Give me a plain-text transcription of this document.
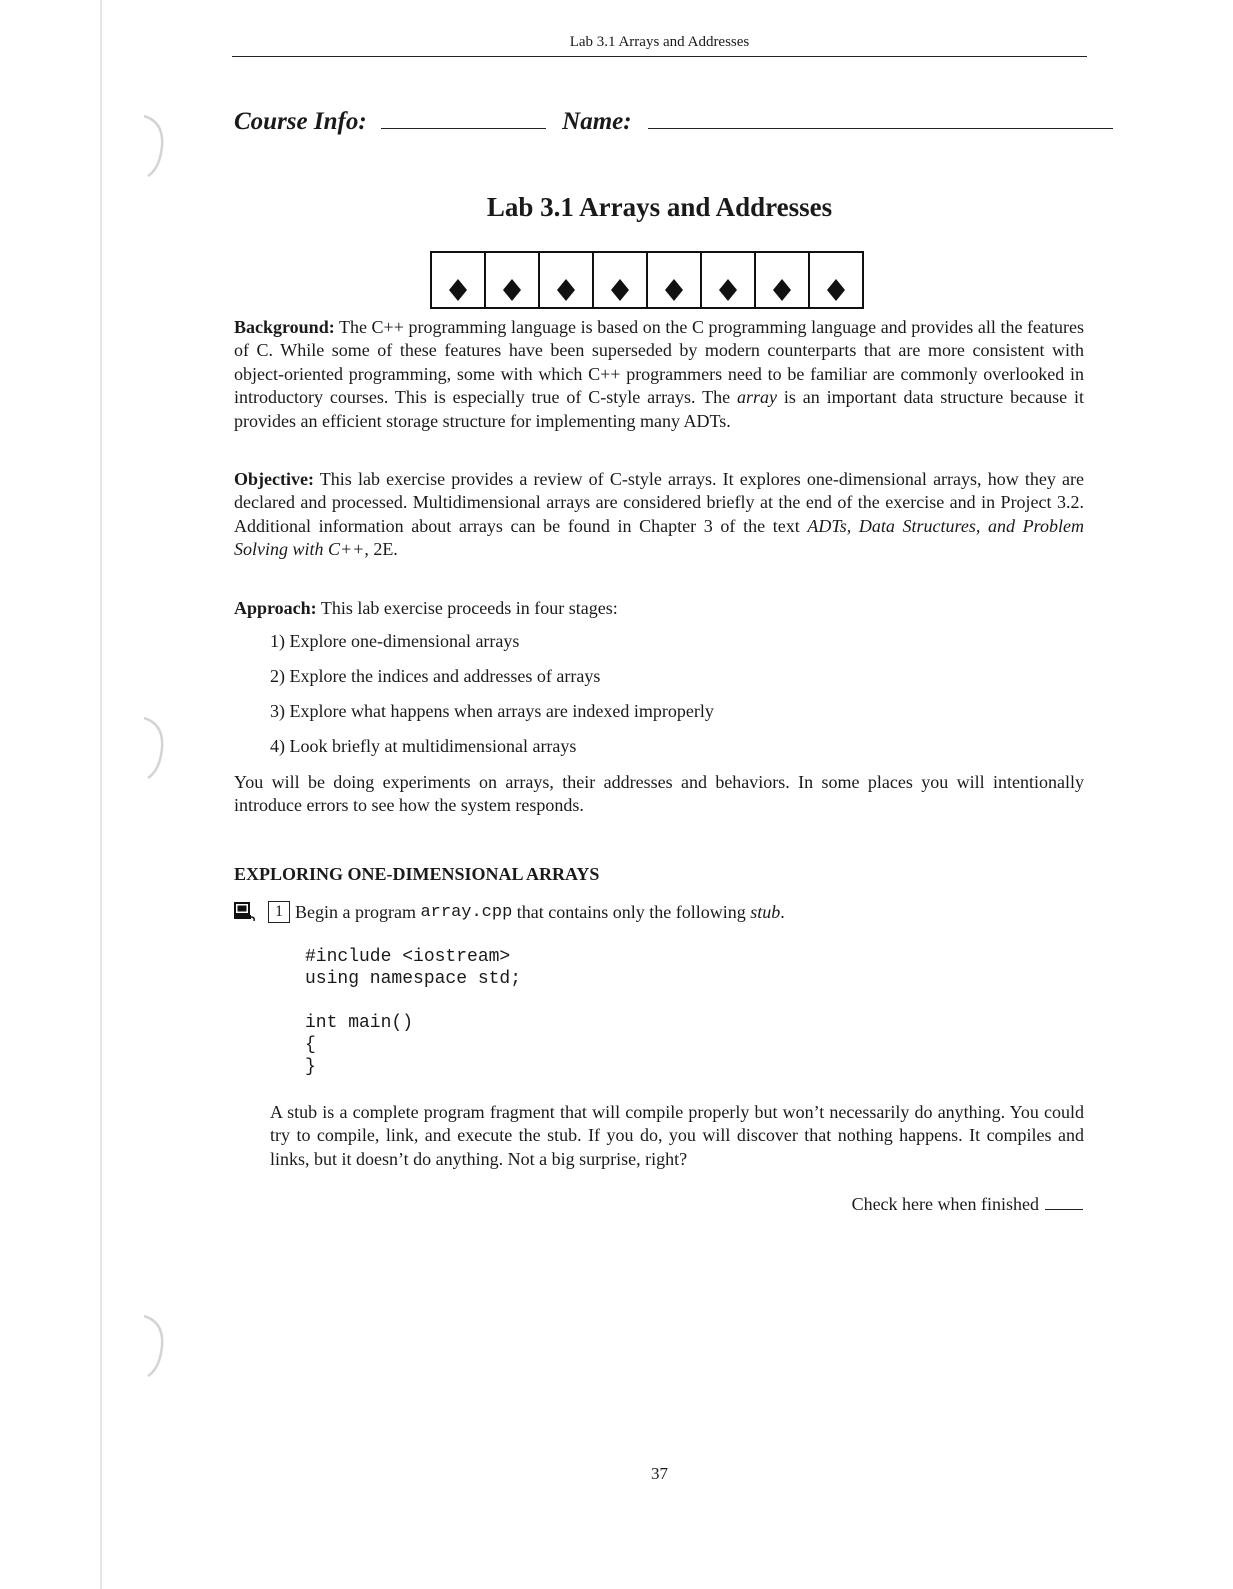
Lab 3.1 Arrays and Addresses
Course Info:	Name:
Lab 3.1 Arrays and Addresses
Background: The C++ programming language is based on the C programming language and provides all the features of C. While some of these features have been superseded by modern counterparts that are more consistent with object-oriented programming, some with which C++ programmers need to be familiar are commonly overlooked in introductory courses. This is especially true of C-style arrays. The array is an important data structure because it provides an efficient storage structure for implementing many ADTs.
Objective: This lab exercise provides a review of C-style arrays. It explores one-dimensional arrays, how they are declared and processed. Multidimensional arrays are considered briefly at the end of the exercise and in Project 3.2. Additional information about arrays can be found in Chapter 3 of the text ADTs, Data Structures, and Problem Solving with C++, 2E.
Approach: This lab exercise proceeds in four stages:
1) Explore one-dimensional arrays
2) Explore the indices and addresses of arrays
3) Explore what happens when arrays are indexed improperly
4) Look briefly at multidimensional arrays
You will be doing experiments on arrays, their addresses and behaviors. In some places you will intentionally introduce errors to see how the system responds.
EXPLORING ONE-DIMENSIONAL ARRAYS
1 Begin a program array.cpp that contains only the following stub .
#include <iostream>
using namespace std;
int main()
{
}
A stub is a complete program fragment that will compile properly but won’t necessarily do anything. You could try to compile, link, and execute the stub. If you do, you will discover that nothing happens. It compiles and links, but it doesn’t do anything. Not a big surprise, right?
Check here when finished
37
